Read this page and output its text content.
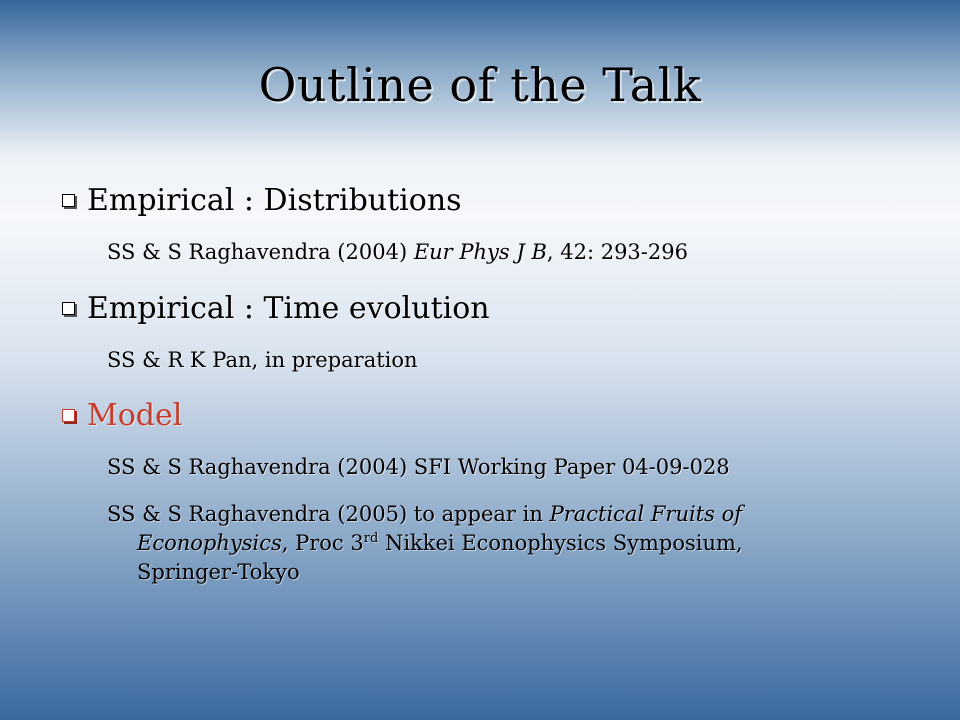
Outline of the Talk
Empirical : Distributions
SS & S Raghavendra (2004) Eur Phys J B, 42: 293-296
Empirical : Time evolution
SS & R K Pan, in preparation
Model
SS & S Raghavendra (2004) SFI Working Paper 04-09-028
SS & S Raghavendra (2005) to appear in Practical Fruits of
Econophysics, Proc 3rd Nikkei Econophysics Symposium,
Springer-Tokyo
